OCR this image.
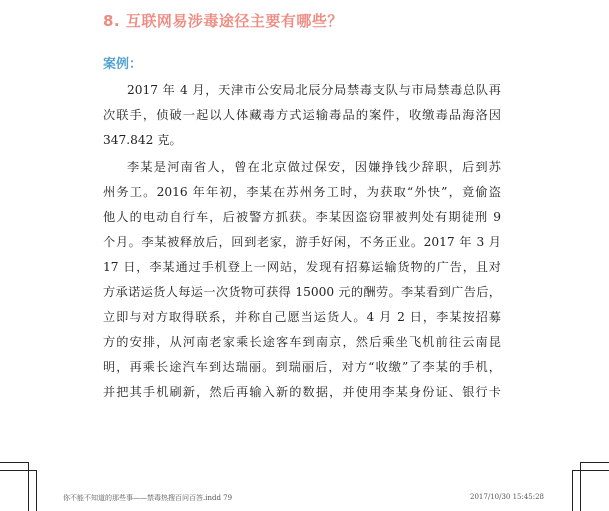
8. 互联网易涉毒途径主要有哪些？
案例：
2017 年 4 月，天津市公安局北辰分局禁毒支队与市局禁毒总队再
次联手，侦破一起以人体藏毒方式运输毒品的案件，收缴毒品海洛因
347.842 克。
李某是河南省人，曾在北京做过保安，因嫌挣钱少辞职，后到苏
州务工。2016 年年初，李某在苏州务工时，为获取“外快”，竟偷盗
他人的电动自行车，后被警方抓获。李某因盗窃罪被判处有期徒刑 9
个月。李某被释放后，回到老家，游手好闲，不务正业。2017 年 3 月
17 日，李某通过手机登上一网站，发现有招募运输货物的广告，且对
方承诺运货人每运一次货物可获得 15000 元的酬劳。李某看到广告后，
立即与对方取得联系，并称自己愿当运货人。4 月 2 日，李某按招募
方的安排，从河南老家乘长途客车到南京，然后乘坐飞机前往云南昆
明，再乘长途汽车到达瑞丽。到瑞丽后，对方“收缴”了李某的手机，
并把其手机刷新，然后再输入新的数据，并使用李某身份证、银行卡
你不能不知道的那些事——禁毒热搜百问百答.indd 79	2017/10/30 15:45:28
